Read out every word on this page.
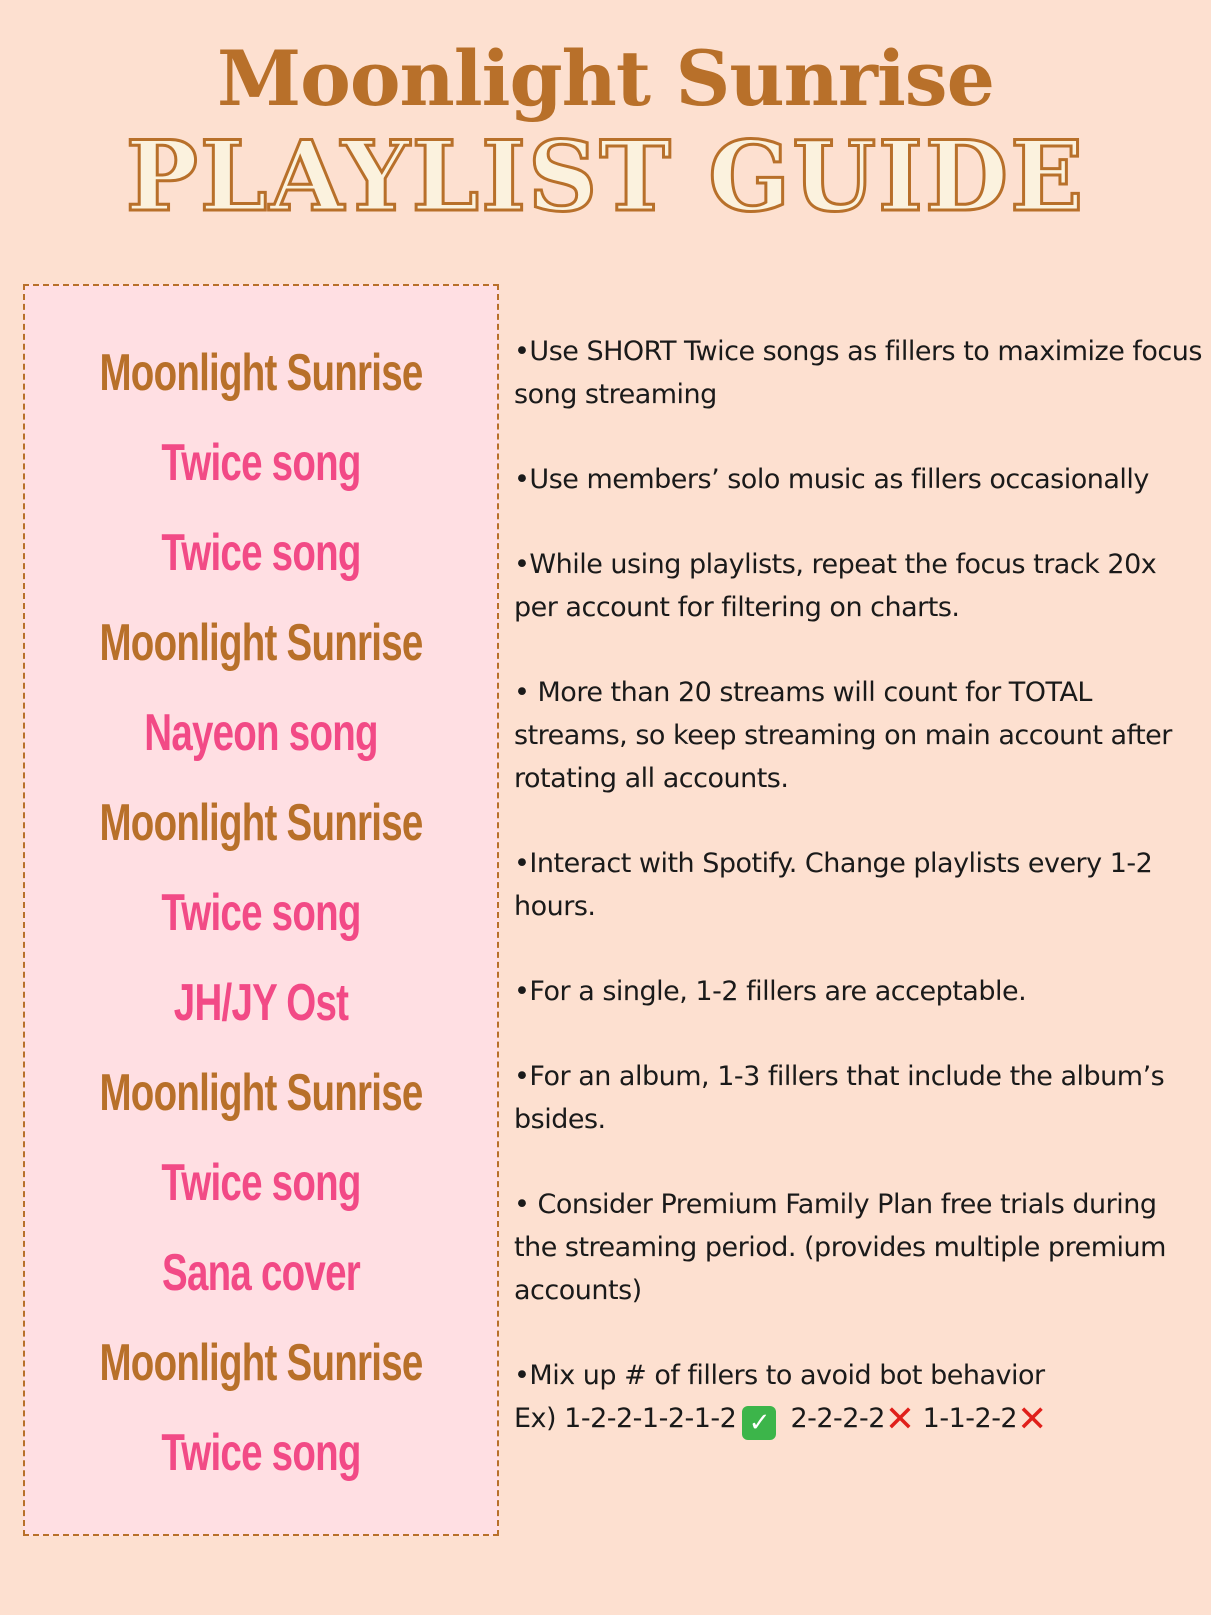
Moonlight Sunrise
PLAYLIST GUIDE
Moonlight Sunrise
Twice song
Twice song
Moonlight Sunrise
Nayeon song
Moonlight Sunrise
Twice song
JH/JY Ost
Moonlight Sunrise
Twice song
Sana cover
Moonlight Sunrise
Twice song
•Use SHORT Twice songs as fillers to maximize focus song streaming
•Use members’ solo music as fillers occasionally
•While using playlists, repeat the focus track 20x per account for filtering on charts.
• More than 20 streams will count for TOTAL streams, so keep streaming on main account after rotating all accounts.
•Interact with Spotify. Change playlists every 1-2 hours.
•For a single, 1-2 fillers are acceptable.
•For an album, 1-3 fillers that include the album’s bsides.
• Consider Premium Family Plan free trials during the streaming period. (provides multiple premium accounts)
•Mix up # of fillers to avoid bot behavior
Ex) 1-2-2-1-2-1-2 ✓ 2-2-2-2✕ 1-1-2-2✕
